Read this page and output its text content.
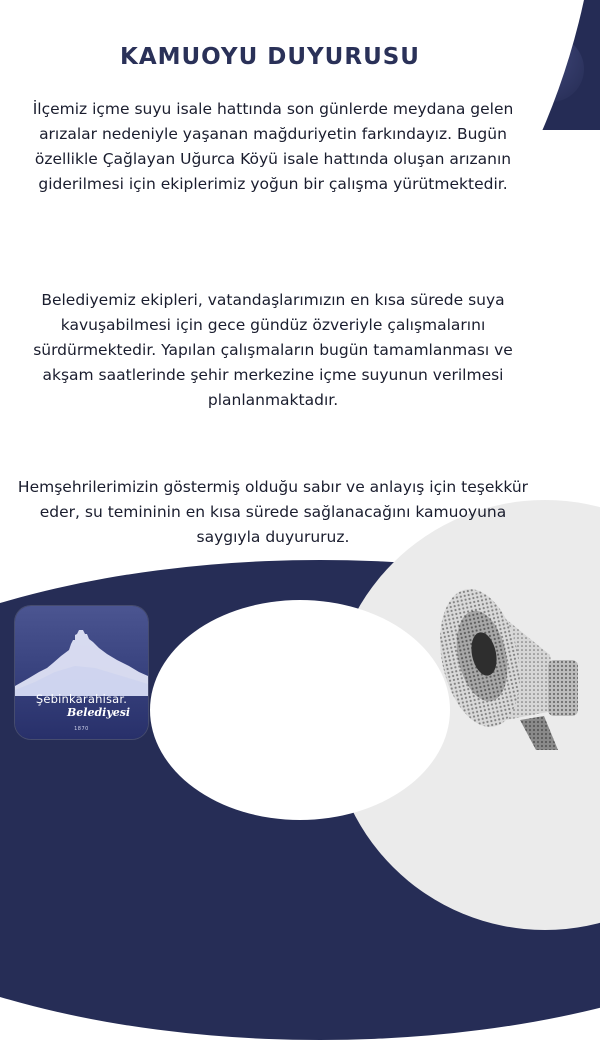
KAMUOYU DUYURUSU

İlçemiz içme suyu isale hattında son günlerde meydana gelen arızalar nedeniyle yaşanan mağduriyetin farkındayız. Bugün özellikle Çağlayan Uğurca Köyü isale hattında oluşan arızanın giderilmesi için ekiplerimiz yoğun bir çalışma yürütmektedir.

Belediyemiz ekipleri, vatandaşlarımızın en kısa sürede suya kavuşabilmesi için gece gündüz özveriyle çalışmalarını sürdürmektedir. Yapılan çalışmaların bugün tamamlanması ve akşam saatlerinde şehir merkezine içme suyunun verilmesi planlanmaktadır.

Hemşehrilerimizin göstermiş olduğu sabır ve anlayış için teşekkür eder, su temininin en kısa sürede sağlanacağını kamuoyuna saygıyla duyururuz.

Şebinkarahisar.
Belediyesi
1870
